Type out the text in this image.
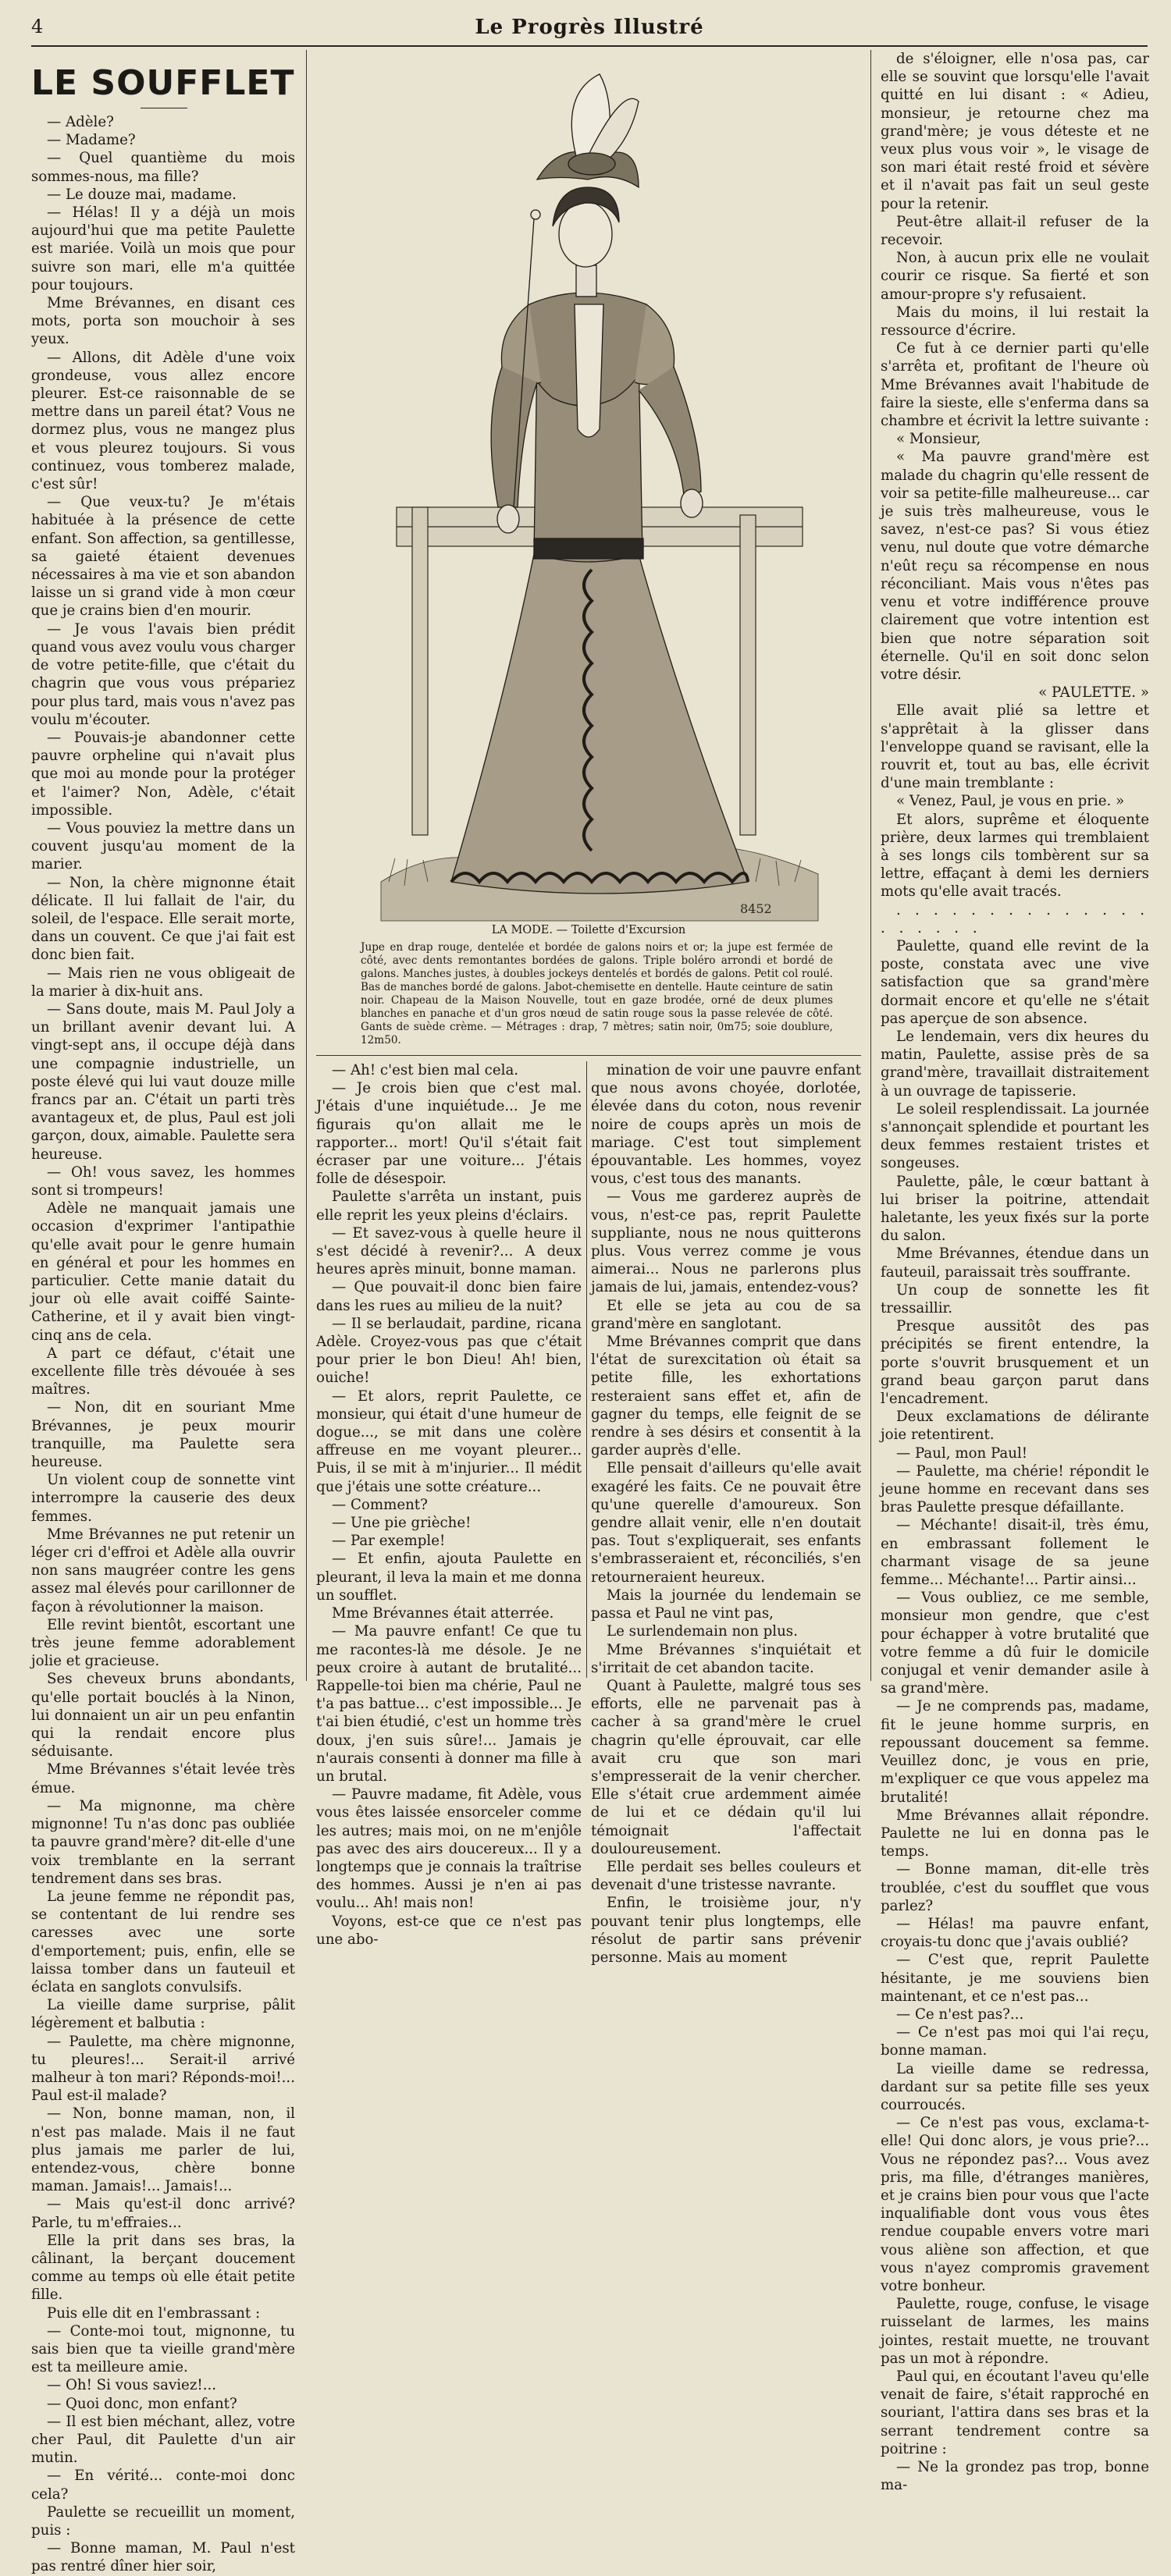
4	Le Progrès Illustré
LE SOUFFLET

— Adèle?

— Madame?

— Quel quantième du mois sommes-nous, ma fille?

— Le douze mai, madame.

— Hélas! Il y a déjà un mois aujourd'hui que ma petite Paulette est mariée. Voilà un mois que pour suivre son mari, elle m'a quittée pour toujours.

Mme Brévannes, en disant ces mots, porta son mouchoir à ses yeux.

— Allons, dit Adèle d'une voix grondeuse, vous allez encore pleurer. Est-ce raisonnable de se mettre dans un pareil état? Vous ne dormez plus, vous ne mangez plus et vous pleurez toujours. Si vous continuez, vous tomberez malade, c'est sûr!

— Que veux-tu? Je m'étais habituée à la présence de cette enfant. Son affection, sa gentillesse, sa gaieté étaient devenues nécessaires à ma vie et son abandon laisse un si grand vide à mon cœur que je crains bien d'en mourir.

— Je vous l'avais bien prédit quand vous avez voulu vous charger de votre petite-fille, que c'était du chagrin que vous vous prépariez pour plus tard, mais vous n'avez pas voulu m'écouter.

— Pouvais-je abandonner cette pauvre orpheline qui n'avait plus que moi au monde pour la protéger et l'aimer? Non, Adèle, c'était impossible.

— Vous pouviez la mettre dans un couvent jusqu'au moment de la marier.

— Non, la chère mignonne était délicate. Il lui fallait de l'air, du soleil, de l'espace. Elle serait morte, dans un couvent. Ce que j'ai fait est donc bien fait.

— Mais rien ne vous obligeait de la marier à dix-huit ans.

— Sans doute, mais M. Paul Joly a un brillant avenir devant lui. A vingt-sept ans, il occupe déjà dans une compagnie industrielle, un poste élevé qui lui vaut douze mille francs par an. C'était un parti très avantageux et, de plus, Paul est joli garçon, doux, aimable. Paulette sera heureuse.

— Oh! vous savez, les hommes sont si trompeurs!

Adèle ne manquait jamais une occasion d'exprimer l'antipathie qu'elle avait pour le genre humain en général et pour les hommes en particulier. Cette manie datait du jour où elle avait coiffé Sainte-Catherine, et il y avait bien vingt-cinq ans de cela.

A part ce défaut, c'était une excellente fille très dévouée à ses maîtres.

— Non, dit en souriant Mme Brévannes, je peux mourir tranquille, ma Paulette sera heureuse.

Un violent coup de sonnette vint interrompre la causerie des deux femmes.

Mme Brévannes ne put retenir un léger cri d'effroi et Adèle alla ouvrir non sans maugréer contre les gens assez mal élevés pour carillonner de façon à révolutionner la maison.

Elle revint bientôt, escortant une très jeune femme adorablement jolie et gracieuse.

Ses cheveux bruns abondants, qu'elle portait bouclés à la Ninon, lui donnaient un air un peu enfantin qui la rendait encore plus séduisante.

Mme Brévannes s'était levée très émue.

— Ma mignonne, ma chère mignonne! Tu n'as donc pas oubliée ta pauvre grand'mère? dit-elle d'une voix tremblante en la serrant tendrement dans ses bras.

La jeune femme ne répondit pas, se contentant de lui rendre ses caresses avec une sorte d'emportement; puis, enfin, elle se laissa tomber dans un fauteuil et éclata en sanglots convulsifs.

La vieille dame surprise, pâlit légèrement et balbutia :

— Paulette, ma chère mignonne, tu pleures!... Serait-il arrivé malheur à ton mari? Réponds-moi!... Paul est-il malade?

— Non, bonne maman, non, il n'est pas malade. Mais il ne faut plus jamais me parler de lui, entendez-vous, chère bonne maman. Jamais!... Jamais!...

— Mais qu'est-il donc arrivé? Parle, tu m'effraies...

Elle la prit dans ses bras, la câlinant, la berçant doucement comme au temps où elle était petite fille.

Puis elle dit en l'embrassant :

— Conte-moi tout, mignonne, tu sais bien que ta vieille grand'mère est ta meilleure amie.

— Oh! Si vous saviez!...

— Quoi donc, mon enfant?

— Il est bien méchant, allez, votre cher Paul, dit Paulette d'un air mutin.

— En vérité... conte-moi donc cela?

Paulette se recueillit un moment, puis :

— Bonne maman, M. Paul n'est pas rentré dîner hier soir,

8452
LA MODE. — Toilette d'Excursion
Jupe en drap rouge, dentelée et bordée de galons noirs et or; la jupe est fermée de côté, avec dents remontantes bordées de galons. Triple boléro arrondi et bordé de galons. Manches justes, à doubles jockeys dentelés et bordés de galons. Petit col roulé. Bas de manches bordé de galons. Jabot-chemisette en dentelle. Haute ceinture de satin noir. Chapeau de la Maison Nouvelle, tout en gaze brodée, orné de deux plumes blanches en panache et d'un gros nœud de satin rouge sous la passe relevée de côté. Gants de suède crème. — Métrages : drap, 7 mètres; satin noir, 0m75; soie doublure, 12m50.

— Ah! c'est bien mal cela.

— Je crois bien que c'est mal. J'étais d'une inquiétude... Je me figurais qu'on allait me le rapporter... mort! Qu'il s'était fait écraser par une voiture... J'étais folle de désespoir.

Paulette s'arrêta un instant, puis elle reprit les yeux pleins d'éclairs.

— Et savez-vous à quelle heure il s'est décidé à revenir?... A deux heures après minuit, bonne maman.

— Que pouvait-il donc bien faire dans les rues au milieu de la nuit?

— Il se berlaudait, pardine, ricana Adèle. Croyez-vous pas que c'était pour prier le bon Dieu! Ah! bien, ouiche!

— Et alors, reprit Paulette, ce monsieur, qui était d'une humeur de dogue..., se mit dans une colère affreuse en me voyant pleurer... Puis, il se mit à m'injurier... Il médit que j'étais une sotte créature...

— Comment?

— Une pie grièche!

— Par exemple!

— Et enfin, ajouta Paulette en pleurant, il leva la main et me donna un soufflet.

Mme Brévannes était atterrée.

— Ma pauvre enfant! Ce que tu me racontes-là me désole. Je ne peux croire à autant de brutalité... Rappelle-toi bien ma chérie, Paul ne t'a pas battue... c'est impossible... Je t'ai bien étudié, c'est un homme très doux, j'en suis sûre!... Jamais je n'aurais consenti à donner ma fille à un brutal.

— Pauvre madame, fit Adèle, vous vous êtes laissée ensorceler comme les autres; mais moi, on ne m'enjôle pas avec des airs doucereux... Il y a longtemps que je connais la traîtrise des hommes. Aussi je n'en ai pas voulu... Ah! mais non!

Voyons, est-ce que ce n'est pas une abo-

mination de voir une pauvre enfant que nous avons choyée, dorlotée, élevée dans du coton, nous revenir noire de coups après un mois de mariage. C'est tout simplement épouvantable. Les hommes, voyez vous, c'est tous des manants.

— Vous me garderez auprès de vous, n'est-ce pas, reprit Paulette suppliante, nous ne nous quitterons plus. Vous verrez comme je vous aimerai... Nous ne parlerons plus jamais de lui, jamais, entendez-vous?

Et elle se jeta au cou de sa grand'mère en sanglotant.

Mme Brévannes comprit que dans l'état de surexcitation où était sa petite fille, les exhortations resteraient sans effet et, afin de gagner du temps, elle feignit de se rendre à ses désirs et consentit à la garder auprès d'elle.

Elle pensait d'ailleurs qu'elle avait exagéré les faits. Ce ne pouvait être qu'une querelle d'amoureux. Son gendre allait venir, elle n'en doutait pas. Tout s'expliquerait, ses enfants s'embrasseraient et, réconciliés, s'en retourneraient heureux.

Mais la journée du lendemain se passa et Paul ne vint pas,

Le surlendemain non plus.

Mme Brévannes s'inquiétait et s'irritait de cet abandon tacite.

Quant à Paulette, malgré tous ses efforts, elle ne parvenait pas à cacher à sa grand'mère le cruel chagrin qu'elle éprouvait, car elle avait cru que son mari s'empresserait de la venir chercher. Elle s'était crue ardemment aimée de lui et ce dédain qu'il lui témoignait l'affectait douloureusement.

Elle perdait ses belles couleurs et devenait d'une tristesse navrante.

Enfin, le troisième jour, n'y pouvant tenir plus longtemps, elle résolut de partir sans prévenir personne. Mais au moment

de s'éloigner, elle n'osa pas, car elle se souvint que lorsqu'elle l'avait quitté en lui disant : « Adieu, monsieur, je retourne chez ma grand'mère; je vous déteste et ne veux plus vous voir », le visage de son mari était resté froid et sévère et il n'avait pas fait un seul geste pour la retenir.

Peut-être allait-il refuser de la recevoir.

Non, à aucun prix elle ne voulait courir ce risque. Sa fierté et son amour-propre s'y refusaient.

Mais du moins, il lui restait la ressource d'écrire.

Ce fut à ce dernier parti qu'elle s'arrêta et, profitant de l'heure où Mme Brévannes avait l'habitude de faire la sieste, elle s'enferma dans sa chambre et écrivit la lettre suivante :

« Monsieur,

« Ma pauvre grand'mère est malade du chagrin qu'elle ressent de voir sa petite-fille malheureuse... car je suis très malheureuse, vous le savez, n'est-ce pas? Si vous étiez venu, nul doute que votre démarche n'eût reçu sa récompense en nous réconciliant. Mais vous n'êtes pas venu et votre indifférence prouve clairement que votre intention est bien que notre séparation soit éternelle. Qu'il en soit donc selon votre désir.

« PAULETTE. »

Elle avait plié sa lettre et s'apprêtait à la glisser dans l'enveloppe quand se ravisant, elle la rouvrit et, tout au bas, elle écrivit d'une main tremblante :

« Venez, Paul, je vous en prie. »

Et alors, suprême et éloquente prière, deux larmes qui tremblaient à ses longs cils tombèrent sur sa lettre, effaçant à demi les derniers mots qu'elle avait tracés.

. . . . . . . . . . . . . . . . . . . .

Paulette, quand elle revint de la poste, constata avec une vive satisfaction que sa grand'mère dormait encore et qu'elle ne s'était pas aperçue de son absence.

Le lendemain, vers dix heures du matin, Paulette, assise près de sa grand'mère, travaillait distraitement à un ouvrage de tapisserie.

Le soleil resplendissait. La journée s'annonçait splendide et pourtant les deux femmes restaient tristes et songeuses.

Paulette, pâle, le cœur battant à lui briser la poitrine, attendait haletante, les yeux fixés sur la porte du salon.

Mme Brévannes, étendue dans un fauteuil, paraissait très souffrante.

Un coup de sonnette les fit tressaillir.

Presque aussitôt des pas précipités se firent entendre, la porte s'ouvrit brusquement et un grand beau garçon parut dans l'encadrement.

Deux exclamations de délirante joie retentirent.

— Paul, mon Paul!

— Paulette, ma chérie! répondit le jeune homme en recevant dans ses bras Paulette presque défaillante.

— Méchante! disait-il, très ému, en embrassant follement le charmant visage de sa jeune femme... Méchante!... Partir ainsi...

— Vous oubliez, ce me semble, monsieur mon gendre, que c'est pour échapper à votre brutalité que votre femme a dû fuir le domicile conjugal et venir demander asile à sa grand'mère.

— Je ne comprends pas, madame, fit le jeune homme surpris, en repoussant doucement sa femme. Veuillez donc, je vous en prie, m'expliquer ce que vous appelez ma brutalité!

Mme Brévannes allait répondre. Paulette ne lui en donna pas le temps.

— Bonne maman, dit-elle très troublée, c'est du soufflet que vous parlez?

— Hélas! ma pauvre enfant, croyais-tu donc que j'avais oublié?

— C'est que, reprit Paulette hésitante, je me souviens bien maintenant, et ce n'est pas...

— Ce n'est pas?...

— Ce n'est pas moi qui l'ai reçu, bonne maman.

La vieille dame se redressa, dardant sur sa petite fille ses yeux courroucés.

— Ce n'est pas vous, exclama-t-elle! Qui donc alors, je vous prie?... Vous ne répondez pas?... Vous avez pris, ma fille, d'étranges manières, et je crains bien pour vous que l'acte inqualifiable dont vous vous êtes rendue coupable envers votre mari vous aliène son affection, et que vous n'ayez compromis gravement votre bonheur.

Paulette, rouge, confuse, le visage ruisselant de larmes, les mains jointes, restait muette, ne trouvant pas un mot à répondre.

Paul qui, en écoutant l'aveu qu'elle venait de faire, s'était rapproché en souriant, l'attira dans ses bras et la serrant tendrement contre sa poitrine :

— Ne la grondez pas trop, bonne ma-
